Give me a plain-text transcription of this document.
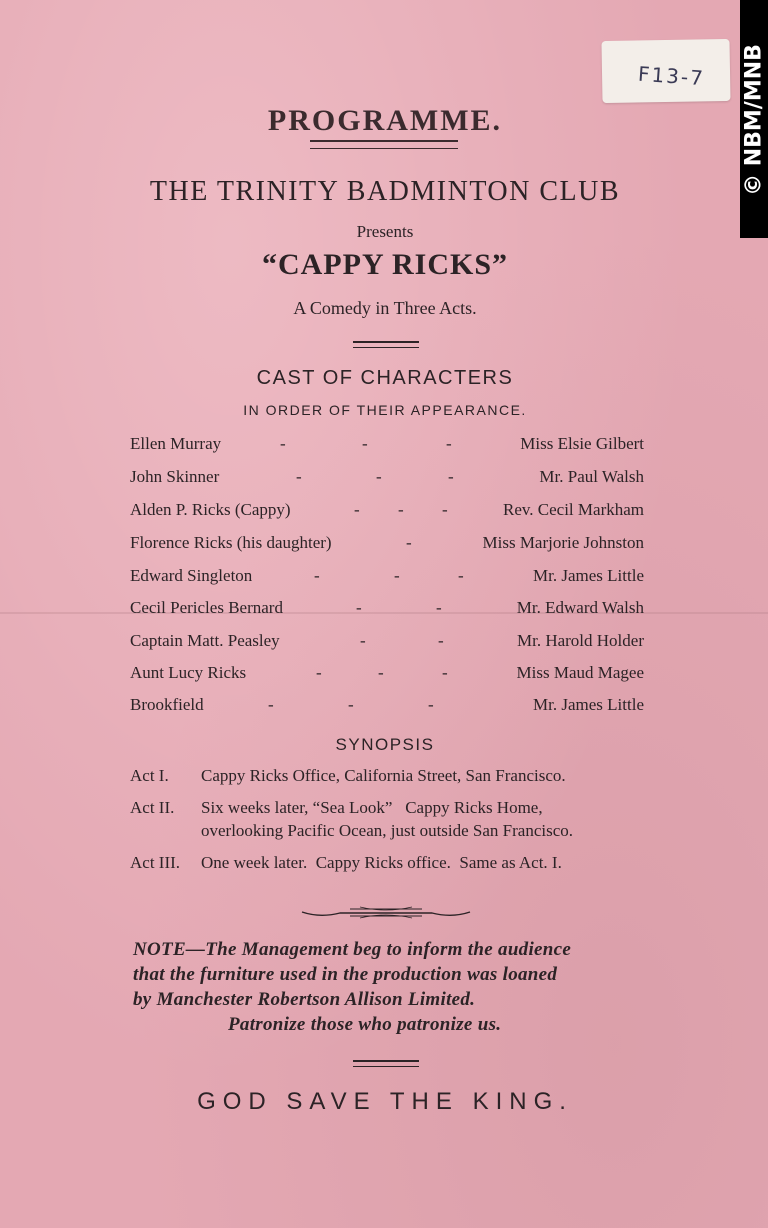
F13-7 © NBM/MNB
PROGRAMME.
THE TRINITY BADMINTON CLUB
Presents
“CAPPY RICKS”
A Comedy in Three Acts.
CAST OF CHARACTERS
IN ORDER OF THEIR APPEARANCE.
Ellen Murray	-	-	-	Miss Elsie Gilbert
John Skinner	-	-	-	Mr. Paul Walsh
Alden P. Ricks (Cappy)	- - -	Rev. Cecil Markham
Florence Ricks (his daughter)	-	Miss Marjorie Johnston
Edward Singleton	-	-	-	Mr. James Little
Cecil Pericles Bernard	-	-	Mr. Edward Walsh
Captain Matt. Peasley	-	-	Mr. Harold Holder
Aunt Lucy Ricks	-	-	-	Miss Maud Magee
Brookfield	-	-	-	Mr. James Little
SYNOPSIS
Act I. Cappy Ricks Office, California Street, San Francisco.
Act II. Six weeks later, “Sea Look”   Cappy Ricks Home,
overlooking Pacific Ocean, just outside San Francisco.
Act III. One week later.  Cappy Ricks office.  Same as Act. I.
NOTE—The Management beg to inform the audience
that the furniture used in the production was loaned
by Manchester Robertson Allison Limited.
Patronize those who patronize us.
GOD SAVE THE KING.
